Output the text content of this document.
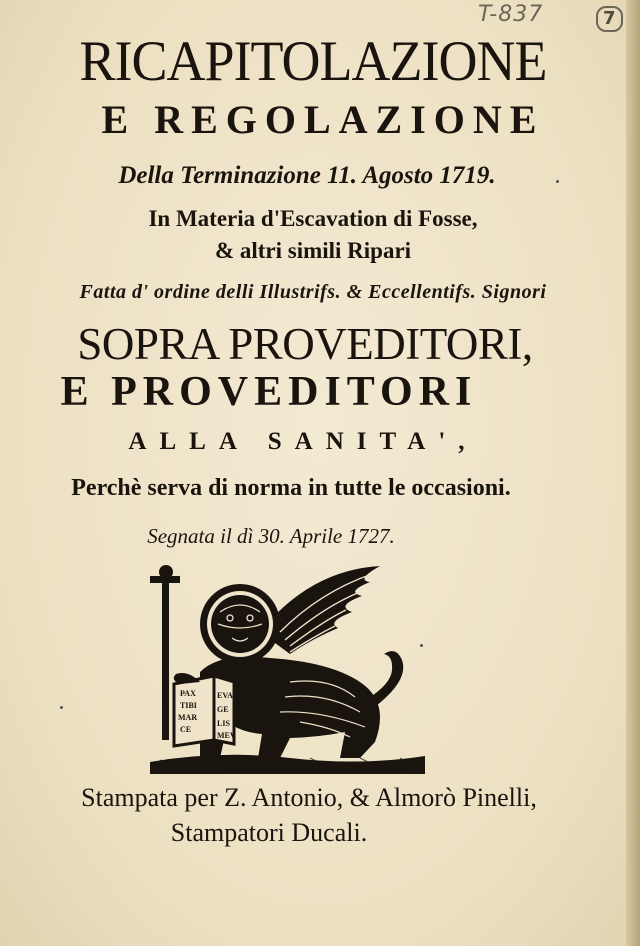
T-837	7
RICAPITOLAZIONE
E REGOLAZIONE
Della Terminazione 11. Agosto 1719.
In Materia d'Escavation di Fosse,
& altri simili Ripari
Fatta d' ordine delli Illustrifs. & Eccellentifs. Signori
SOPRA PROVEDITORI,
E PROVEDITORI
ALLA SANITA',
Perchè serva di norma in tutte le occasioni.
Segnata il dì 30. Aprile 1727.
PAX
TIBI
MAR
CE
EVA
GE
LIS
MEV
Stampata per Z. Antonio, & Almorò Pinelli,
Stampatori Ducali.
